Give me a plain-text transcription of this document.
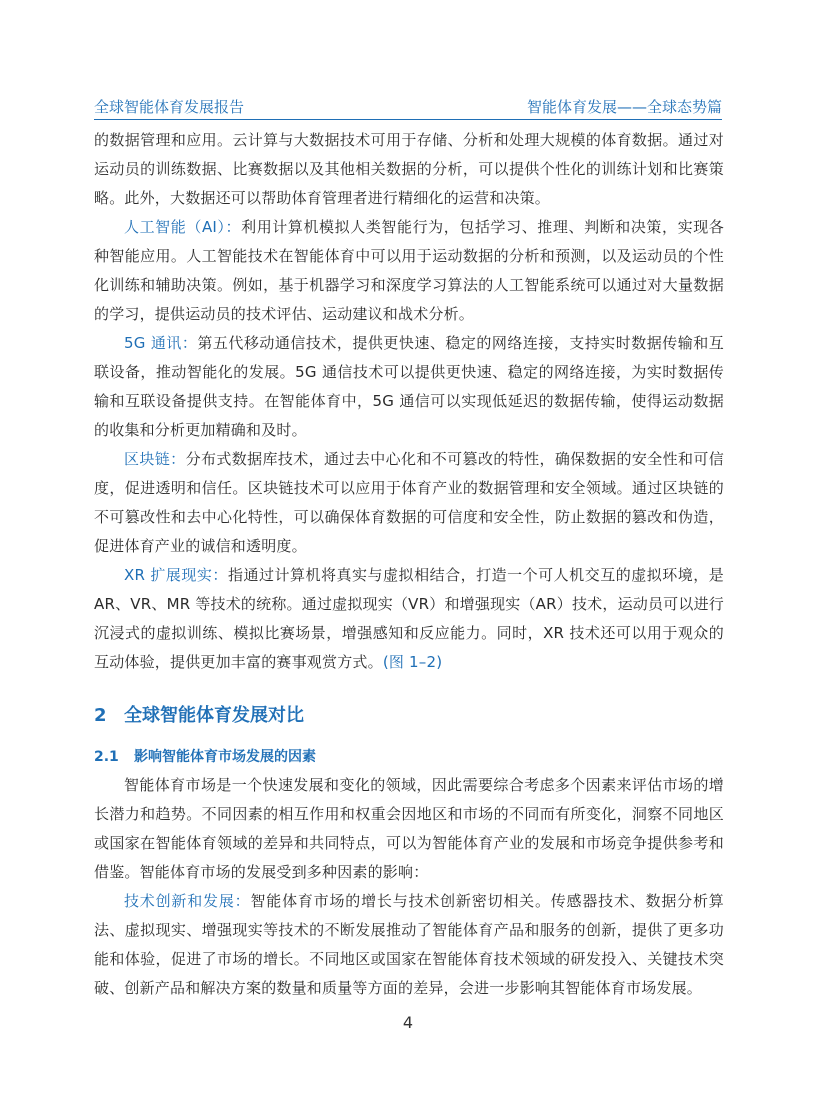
全球智能体育发展报告	智能体育发展——全球态势篇

的数据管理和应用。云计算与大数据技术可用于存储、分析和处理大规模的体育数据。通过对运动员的训练数据、比赛数据以及其他相关数据的分析，可以提供个性化的训练计划和比赛策略。此外，大数据还可以帮助体育管理者进行精细化的运营和决策。

人工智能（AI）：利用计算机模拟人类智能行为，包括学习、推理、判断和决策，实现各种智能应用。人工智能技术在智能体育中可以用于运动数据的分析和预测，以及运动员的个性化训练和辅助决策。例如，基于机器学习和深度学习算法的人工智能系统可以通过对大量数据的学习，提供运动员的技术评估、运动建议和战术分析。

5G 通讯：第五代移动通信技术，提供更快速、稳定的网络连接，支持实时数据传输和互联设备，推动智能化的发展。5G 通信技术可以提供更快速、稳定的网络连接，为实时数据传输和互联设备提供支持。在智能体育中，5G 通信可以实现低延迟的数据传输，使得运动数据的收集和分析更加精确和及时。

区块链：分布式数据库技术，通过去中心化和不可篡改的特性，确保数据的安全性和可信度，促进透明和信任。区块链技术可以应用于体育产业的数据管理和安全领域。通过区块链的不可篡改性和去中心化特性，可以确保体育数据的可信度和安全性，防止数据的篡改和伪造，促进体育产业的诚信和透明度。

XR 扩展现实：指通过计算机将真实与虚拟相结合，打造一个可人机交互的虚拟环境，是 AR、VR、MR 等技术的统称。通过虚拟现实（VR）和增强现实（AR）技术，运动员可以进行沉浸式的虚拟训练、模拟比赛场景，增强感知和反应能力。同时，XR 技术还可以用于观众的互动体验，提供更加丰富的赛事观赏方式。(图 1–2)

2 全球智能体育发展对比
2.1 影响智能体育市场发展的因素

智能体育市场是一个快速发展和变化的领域，因此需要综合考虑多个因素来评估市场的增长潜力和趋势。不同因素的相互作用和权重会因地区和市场的不同而有所变化，洞察不同地区或国家在智能体育领域的差异和共同特点，可以为智能体育产业的发展和市场竞争提供参考和借鉴。智能体育市场的发展受到多种因素的影响：

技术创新和发展：智能体育市场的增长与技术创新密切相关。传感器技术、数据分析算法、虚拟现实、增强现实等技术的不断发展推动了智能体育产品和服务的创新，提供了更多功能和体验，促进了市场的增长。不同地区或国家在智能体育技术领域的研发投入、关键技术突破、创新产品和解决方案的数量和质量等方面的差异，会进一步影响其智能体育市场发展。

4
